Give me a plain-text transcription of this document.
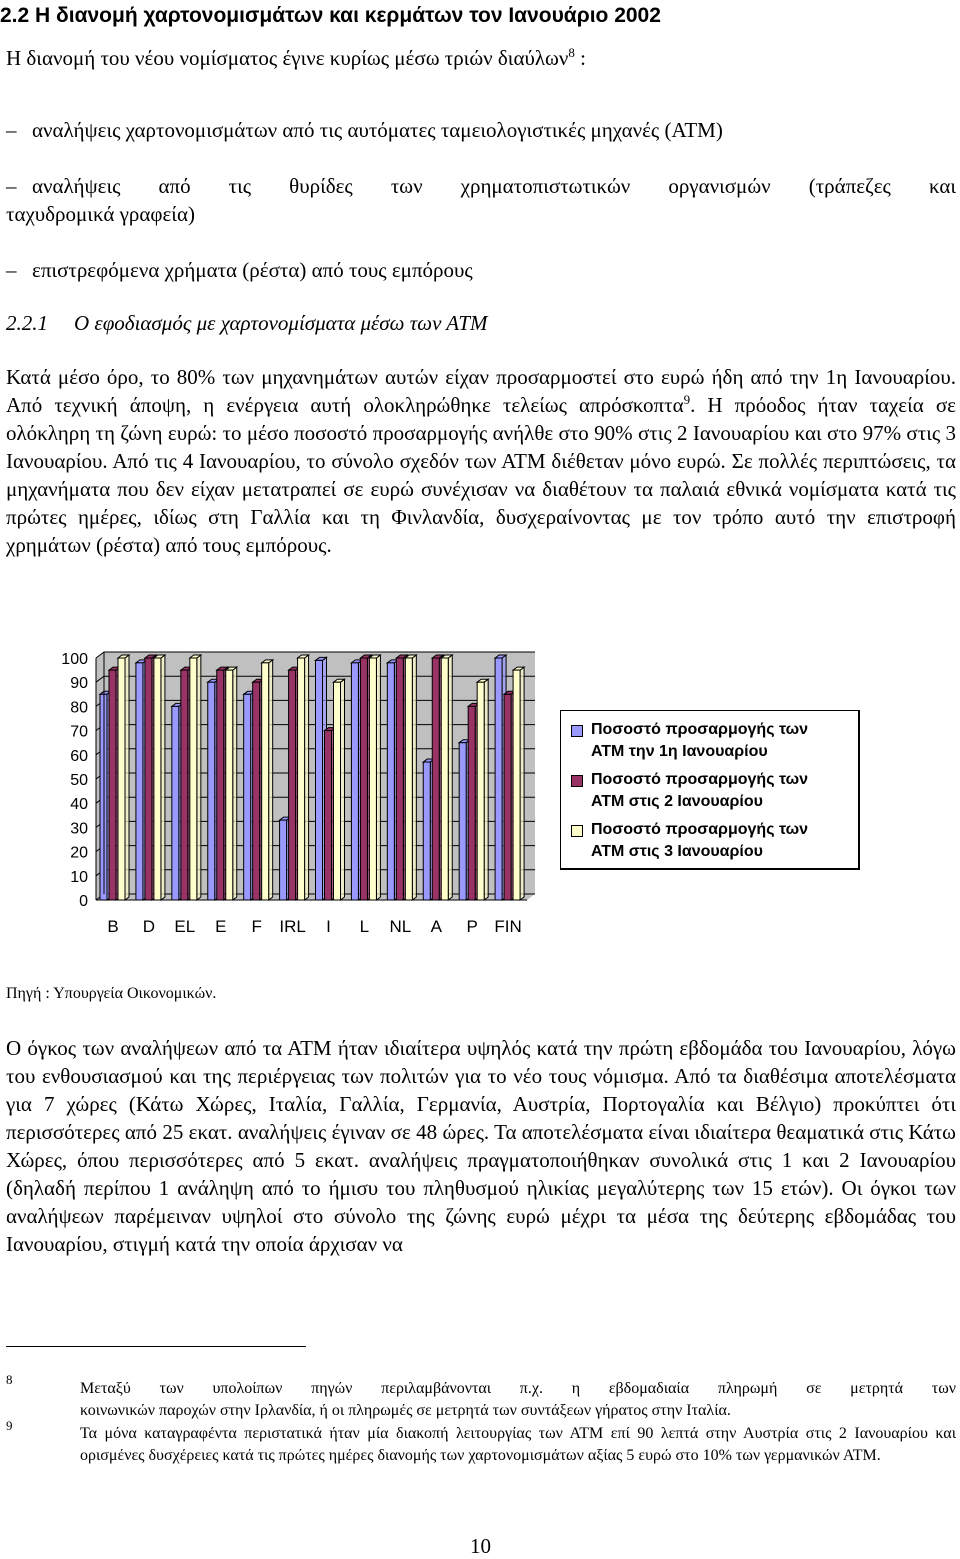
2.2 Η διανομή χαρτονομισμάτων και κερμάτων τον Ιανουάριο 2002
Η διανομή του νέου νομίσματος έγινε κυρίως μέσω τριών διαύλων$^8$ :
– αναλήψεις χαρτονομισμάτων από τις αυτόματες ταμειολογιστικές μηχανές (ΑΤΜ)
– αναλήψεις από τις θυρίδες των χρηματοπιστωτικών οργανισμών (τράπεζες και
ταχυδρομικά γραφεία)
– επιστρεφόμενα χρήματα (ρέστα) από τους εμπόρους
2.2.1 Ο εφοδιασμός με χαρτονομίσματα μέσω των ΑΤΜ

Κατά μέσο όρο, το 80% των μηχανημάτων αυτών είχαν προσαρμοστεί στο ευρώ ήδη από την 1η Ιανουαρίου. Από τεχνική άποψη, η ενέργεια αυτή ολοκληρώθηκε τελείως απρόσκοπτα$^9$. Η πρόοδος ήταν ταχεία σε ολόκληρη τη ζώνη ευρώ: το μέσο ποσοστό προσαρμογής ανήλθε στο 90% στις 2 Ιανουαρίου και στο 97% στις 3 Ιανουαρίου. Από τις 4 Ιανουαρίου, το σύνολο σχεδόν των ΑΤΜ διέθεταν μόνο ευρώ. Σε πολλές περιπτώσεις, τα μηχανήματα που δεν είχαν μετατραπεί σε ευρώ συνέχισαν να διαθέτουν τα παλαιά εθνικά νομίσματα κατά τις πρώτες ημέρες, ιδίως στη Γαλλία και τη Φινλανδία, δυσχεραίνοντας με τον τρόπο αυτό την επιστροφή χρημάτων (ρέστα) από τους εμπόρους.

0
10
20
30
40
50
60
70
80
90
100
B D EL E F IRL I L NL A P FIN
Ποσοστό προσαρμογής των
ΑΤΜ την 1η Ιανουαρίου
Ποσοστό προσαρμογής των
ΑΤΜ στις 2 Ιανουαρίου
Ποσοστό προσαρμογής των
ΑΤΜ στις 3 Ιανουαρίου
Πηγή : Υπουργεία Οικονομικών.

Ο όγκος των αναλήψεων από τα ΑΤΜ ήταν ιδιαίτερα υψηλός κατά την πρώτη εβδομάδα του Ιανουαρίου, λόγω του ενθουσιασμού και της περιέργειας των πολιτών για το νέο τους νόμισμα. Από τα διαθέσιμα αποτελέσματα για 7 χώρες (Κάτω Χώρες, Ιταλία, Γαλλία, Γερμανία, Αυστρία, Πορτογαλία και Βέλγιο) προκύπτει ότι περισσότερες από 25 εκατ. αναλήψεις έγιναν σε 48 ώρες. Τα αποτελέσματα είναι ιδιαίτερα θεαματικά στις Κάτω Χώρες, όπου περισσότερες από 5 εκατ. αναλήψεις πραγματοποιήθηκαν συνολικά στις 1 και 2 Ιανουαρίου (δηλαδή περίπου 1 ανάληψη από το ήμισυ του πληθυσμού ηλικίας μεγαλύτερης των 15 ετών). Οι όγκοι των αναλήψεων παρέμειναν υψηλοί στο σύνολο της ζώνης ευρώ μέχρι τα μέσα της δεύτερης εβδομάδας του Ιανουαρίου, στιγμή κατά την οποία άρχισαν να

8

Μεταξύ των υπολοίπων πηγών περιλαμβάνονται π.χ. η εβδομαδιαία πληρωμή σε μετρητά των

κοινωνικών παροχών στην Ιρλανδία, ή οι πληρωμές σε μετρητά των συντάξεων γήρατος στην Ιταλία.

9	Τα μόνα καταγραφέντα περιστατικά ήταν μία διακοπή λειτουργίας των ΑΤΜ επί 90 λεπτά στην Αυστρία στις 2 Ιανουαρίου και ορισμένες δυσχέρειες κατά τις πρώτες ημέρες διανομής των χαρτονομισμάτων αξίας 5 ευρώ στο 10% των γερμανικών ΑΤΜ.

10
